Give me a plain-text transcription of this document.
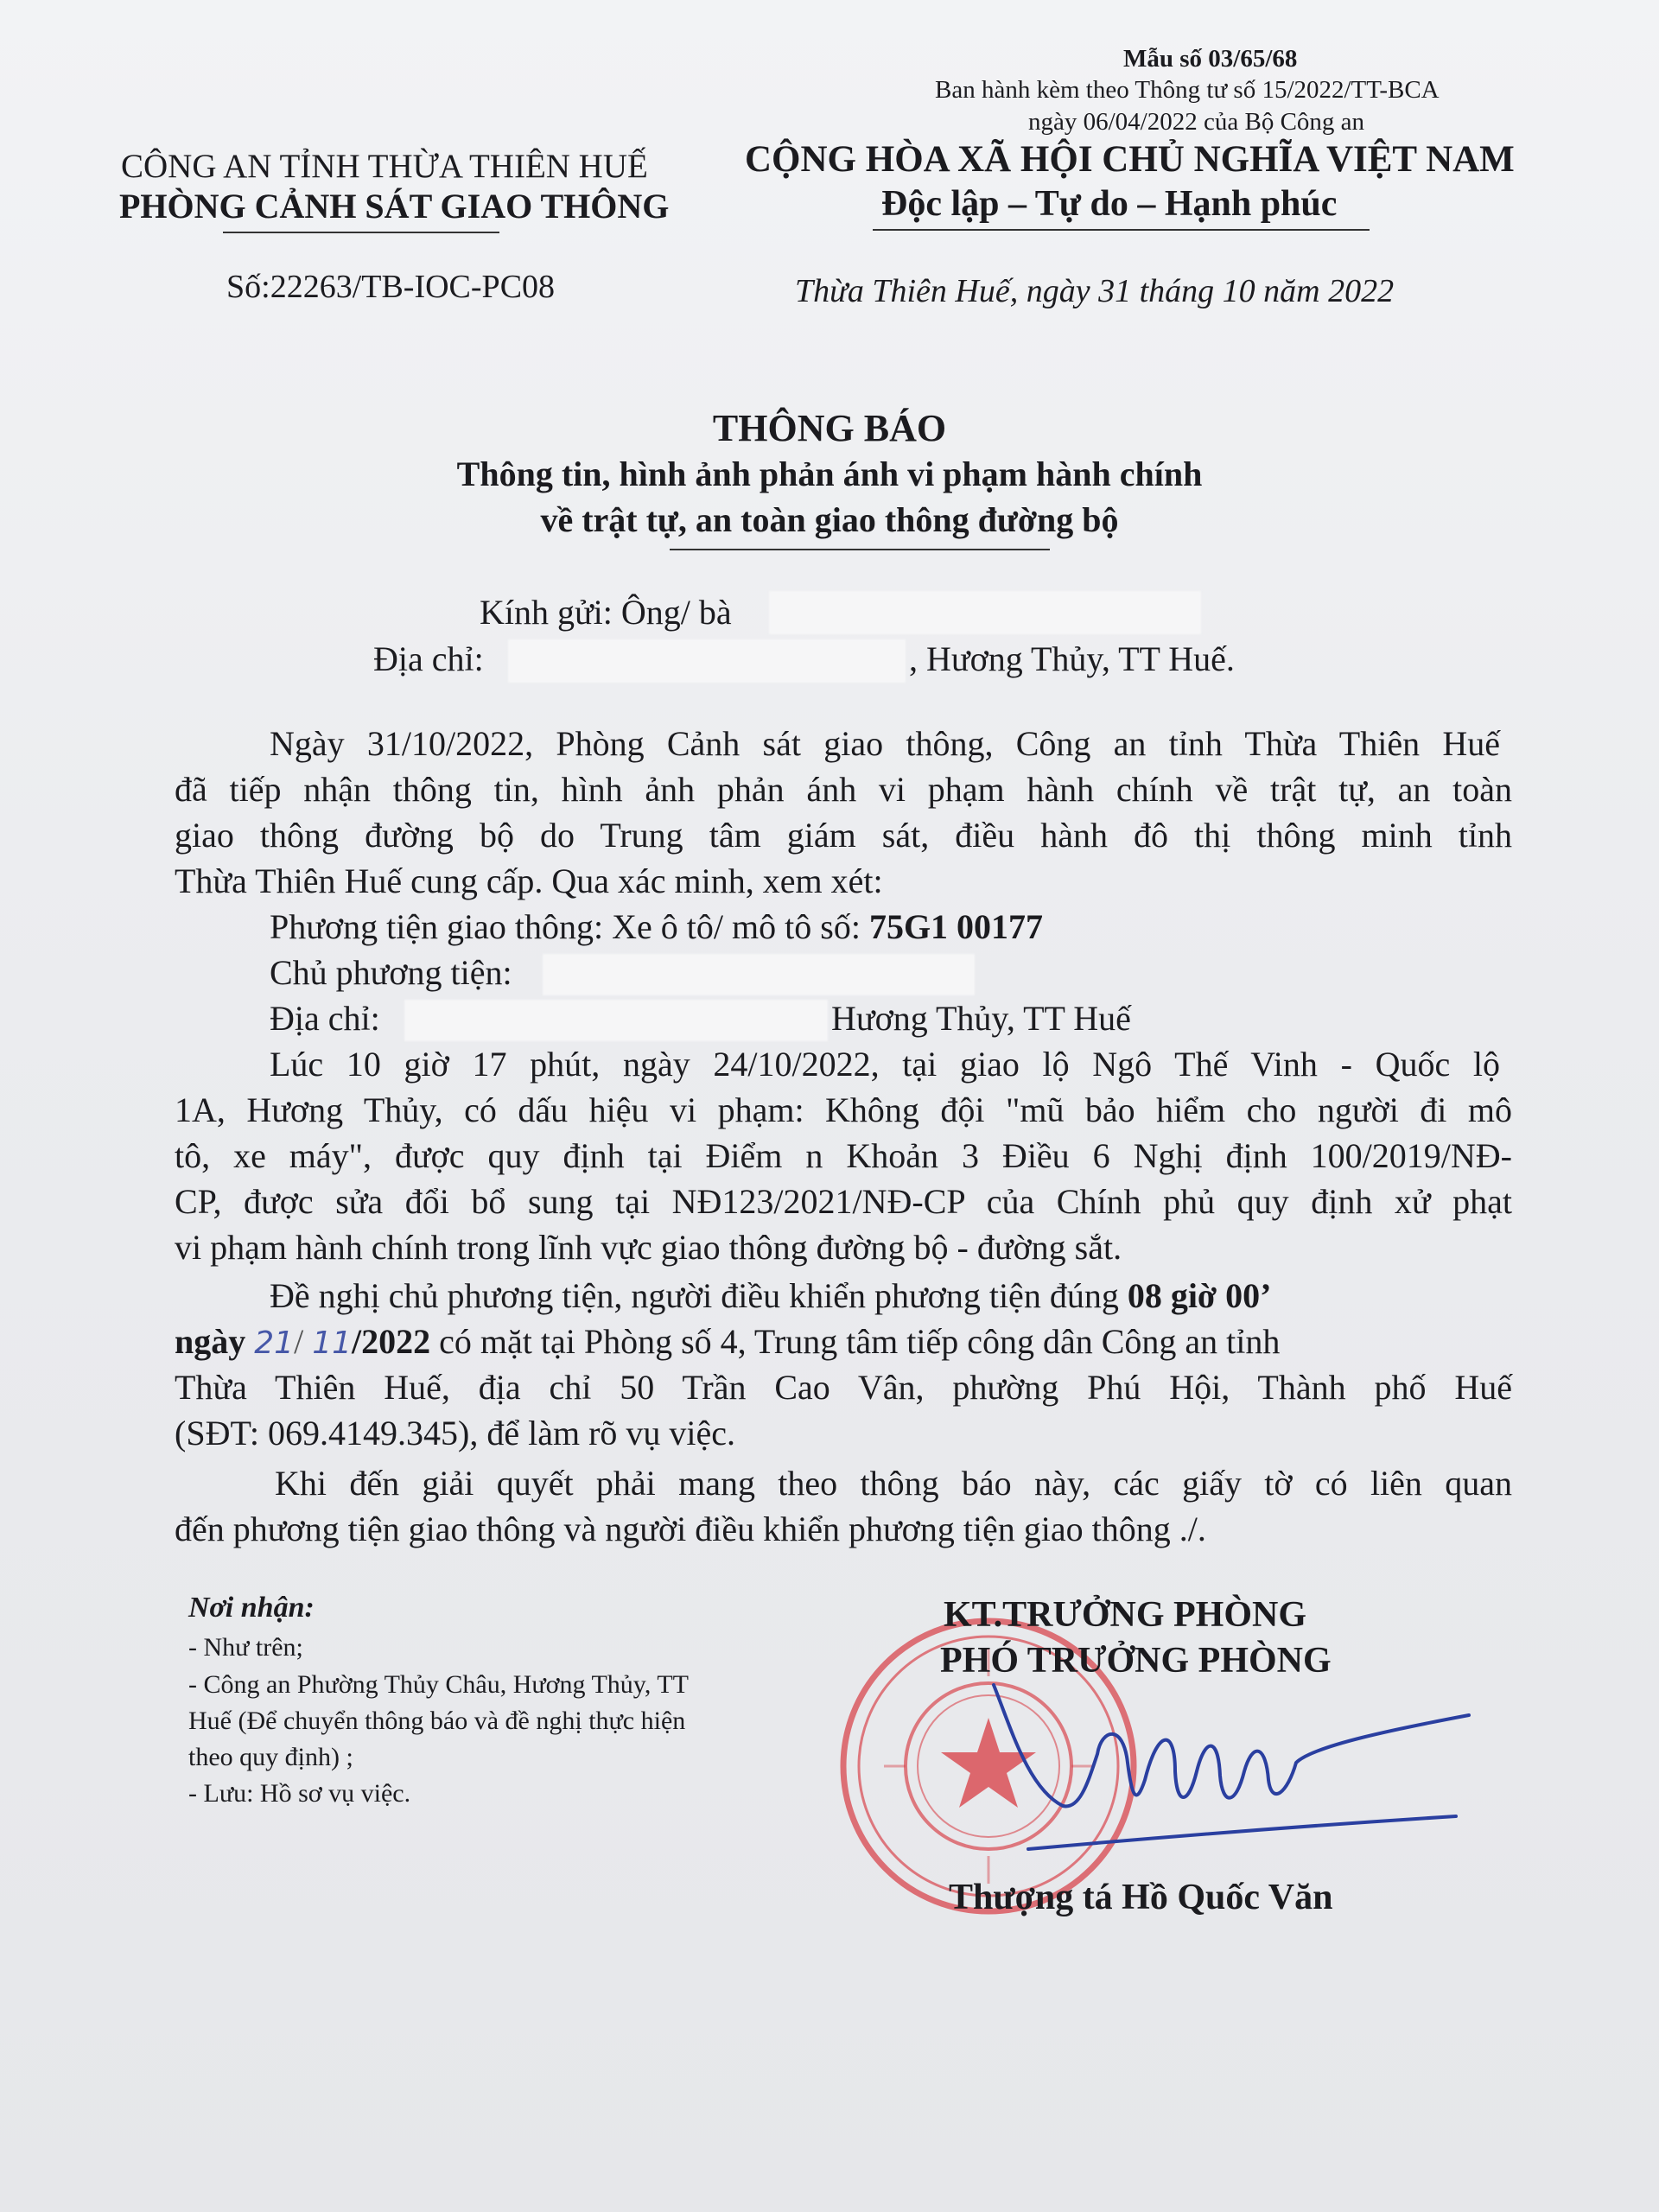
Mẫu số 03/65/68
Ban hành kèm theo Thông tư số 15/2022/TT-BCA
ngày 06/04/2022 của Bộ Công an
CÔNG AN TỈNH THỪA THIÊN HUẾ
PHÒNG CẢNH SÁT GIAO THÔNG
CỘNG HÒA XÃ HỘI CHỦ NGHĨA VIỆT NAM
Độc lập – Tự do – Hạnh phúc
Số:22263/TB-IOC-PC08	Thừa Thiên Huế, ngày 31 tháng 10 năm 2022
THÔNG BÁO
Thông tin, hình ảnh phản ánh vi phạm hành chính
về trật tự, an toàn giao thông đường bộ
Kính gửi: Ông/ bà
Địa chỉ:	, Hương Thủy, TT Huế.
Ngày 31/10/2022, Phòng Cảnh sát giao thông, Công an tỉnh Thừa Thiên Huế
đã tiếp nhận thông tin, hình ảnh phản ánh vi phạm hành chính về trật tự, an toàn
giao thông đường bộ do Trung tâm giám sát, điều hành đô thị thông minh tỉnh
Thừa Thiên Huế cung cấp. Qua xác minh, xem xét:
Phương tiện giao thông: Xe ô tô/ mô tô số: 75G1 00177
Chủ phương tiện:
Địa chỉ:	Hương Thủy, TT Huế
Lúc 10 giờ 17 phút, ngày 24/10/2022, tại giao lộ Ngô Thế Vinh - Quốc lộ
1A, Hương Thủy, có dấu hiệu vi phạm: Không đội "mũ bảo hiểm cho người đi mô
tô, xe máy", được quy định tại Điểm n Khoản 3 Điều 6 Nghị định 100/2019/NĐ-
CP, được sửa đổi bổ sung tại NĐ123/2021/NĐ-CP của Chính phủ quy định xử phạt
vi phạm hành chính trong lĩnh vực giao thông đường bộ - đường sắt.
Đề nghị chủ phương tiện, người điều khiển phương tiện đúng 08 giờ 00’
ngày 21/ 11/2022 có mặt tại Phòng số 4, Trung tâm tiếp công dân Công an tỉnh
Thừa Thiên Huế, địa chỉ 50 Trần Cao Vân, phường Phú Hội, Thành phố Huế
(SĐT: 069.4149.345), để làm rõ vụ việc.
Khi đến giải quyết phải mang theo thông báo này, các giấy tờ có liên quan
đến phương tiện giao thông và người điều khiển phương tiện giao thông ./.
Nơi nhận:
- Như trên;
- Công an Phường Thủy Châu, Hương Thủy, TT
Huế (Để chuyển thông báo và đề nghị thực hiện
theo quy định) ;
- Lưu: Hồ sơ vụ việc.
KT.TRƯỞNG PHÒNG
PHÓ TRƯỞNG PHÒNG
Thượng tá Hồ Quốc Văn
